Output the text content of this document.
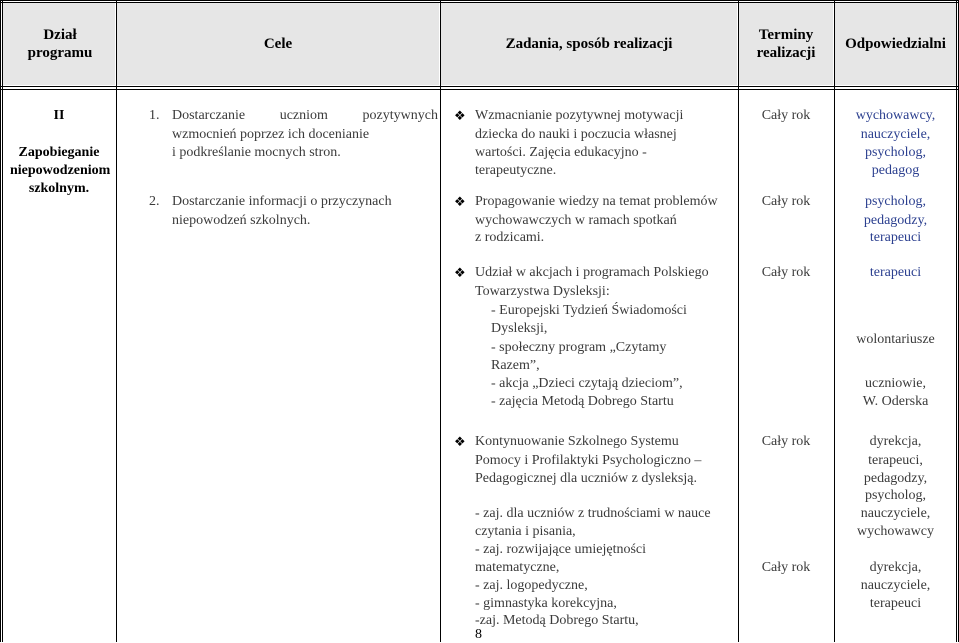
Dział programu
Cele	Zadania, sposób realizacji
Terminy realizacji
Odpowiedzialni
II
Zapobieganie niepowodzeniom szkolnym.
1. Dostarczanie uczniom pozytywnych
wzmocnień poprzez ich docenianie
i podkreślanie mocnych stron.
2. Dostarczanie informacji o przyczynach
niepowodzeń szkolnych.
❖ Wzmacnianie pozytywnej motywacji
dziecka do nauki i poczucia własnej
wartości. Zajęcia edukacyjno -
terapeutyczne.
❖ Propagowanie wiedzy na temat problemów
wychowawczych w ramach spotkań
z rodzicami.
❖ Udział w akcjach i programach Polskiego
Towarzystwa Dysleksji:
- Europejski Tydzień Świadomości
Dysleksji,
- społeczny program „Czytamy
Razem”,
- akcja „Dzieci czytają dzieciom”,
- zajęcia Metodą Dobrego Startu
❖ Kontynuowanie Szkolnego Systemu
Pomocy i Profilaktyki Psychologiczno –
Pedagogicznej dla uczniów z dysleksją.
- zaj. dla uczniów z trudnościami w nauce
czytania i pisania,
- zaj. rozwijające umiejętności
matematyczne,
- zaj. logopedyczne,
- gimnastyka korekcyjna,
-zaj. Metodą Dobrego Startu,
Cały rok
Cały rok
Cały rok
Cały rok
Cały rok
wychowawcy,
nauczyciele,
psycholog,
pedagog
psycholog,
pedagodzy,
terapeuci
terapeuci
wolontariusze
uczniowie,
W. Oderska
dyrekcja,
terapeuci,
pedagodzy,
psycholog,
nauczyciele,
wychowawcy
dyrekcja,
nauczyciele,
terapeuci
8
